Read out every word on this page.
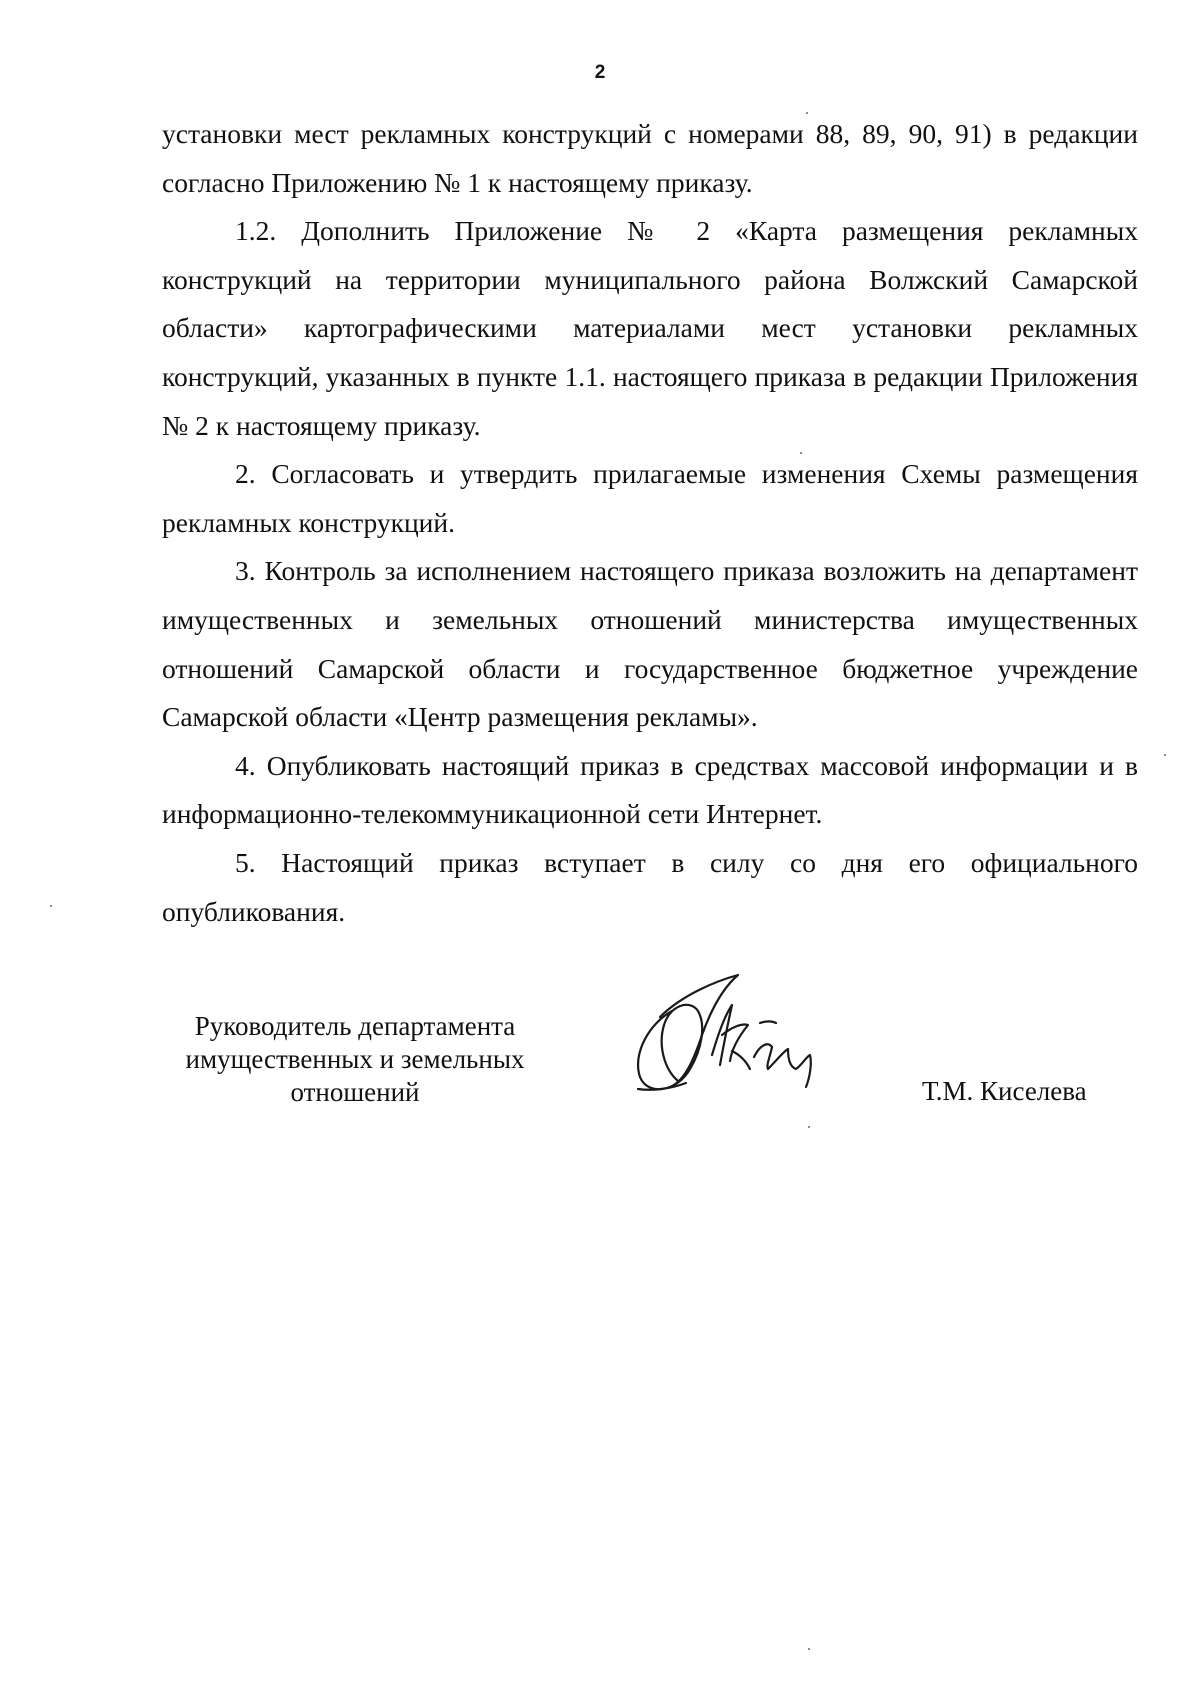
2

установки мест рекламных конструкций с номерами 88, 89, 90, 91) в редакции согласно Приложению № 1 к настоящему приказу.

1.2. Дополнить Приложение № 2 «Карта размещения рекламных конструкций на территории муниципального района Волжский Самарской области» картографическими материалами мест установки рекламных конструкций, указанных в пункте 1.1. настоящего приказа в редакции Приложения № 2 к настоящему приказу.

2. Согласовать и утвердить прилагаемые изменения Схемы размещения рекламных конструкций.

3. Контроль за исполнением настоящего приказа возложить на департамент имущественных и земельных отношений министерства имущественных отношений Самарской области и государственное бюджетное учреждение Самарской области «Центр размещения рекламы».

4. Опубликовать настоящий приказ в средствах массовой информации и в информационно-телекоммуникационной сети Интернет.

5. Настоящий приказ вступает в силу со дня его официального опубликования.

Руководитель департамента
имущественных и земельных
отношений	Т.М. Киселева
